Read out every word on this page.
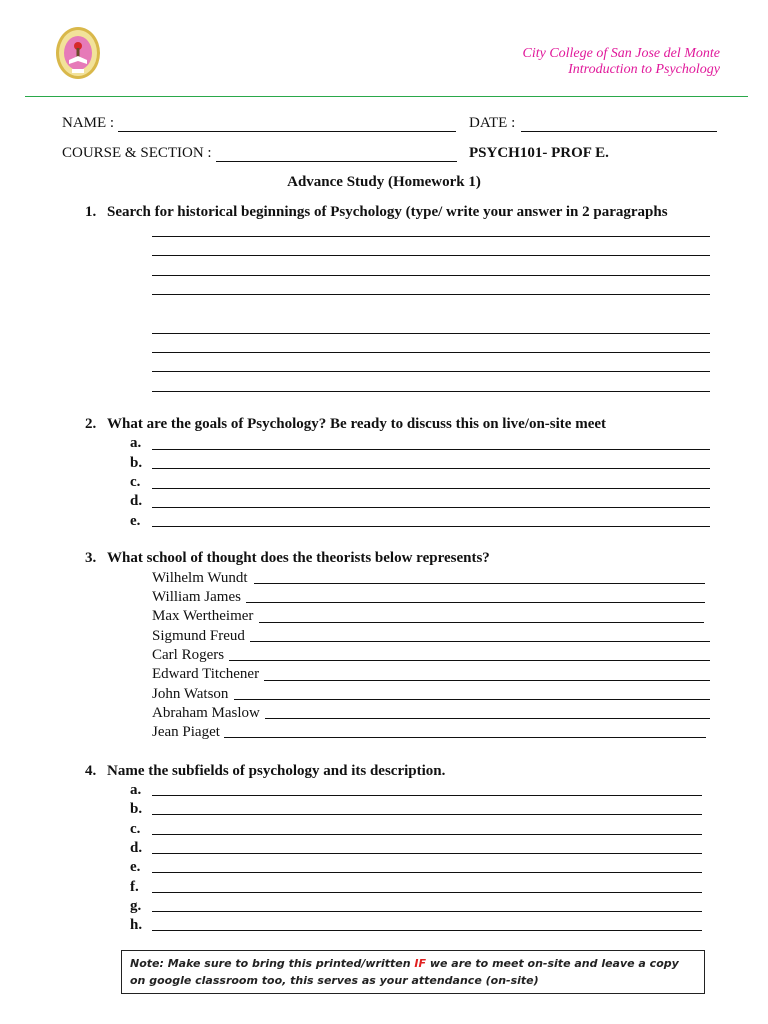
City College of San Jose del Monte
Introduction to Psychology
NAME :	DATE :
COURSE & SECTION :	PSYCH101- PROF E.
Advance Study (Homework 1)
1. Search for historical beginnings of Psychology (type/ write your answer in 2 paragraphs
2. What are the goals of Psychology? Be ready to discuss this on live/on-site meet
a.
b.
c.
d.
e.
3. What school of thought does the theorists below represents?
Wilhelm Wundt
William James
Max Wertheimer
Sigmund Freud
Carl Rogers
Edward Titchener
John Watson
Abraham Maslow
Jean Piaget
4. Name the subfields of psychology and its description.
a.
b.
c.
d.
e.
f.
g.
h.
Note: Make sure to bring this printed/written IF we are to meet on-site and leave a copy on google classroom too, this serves as your attendance (on-site)
